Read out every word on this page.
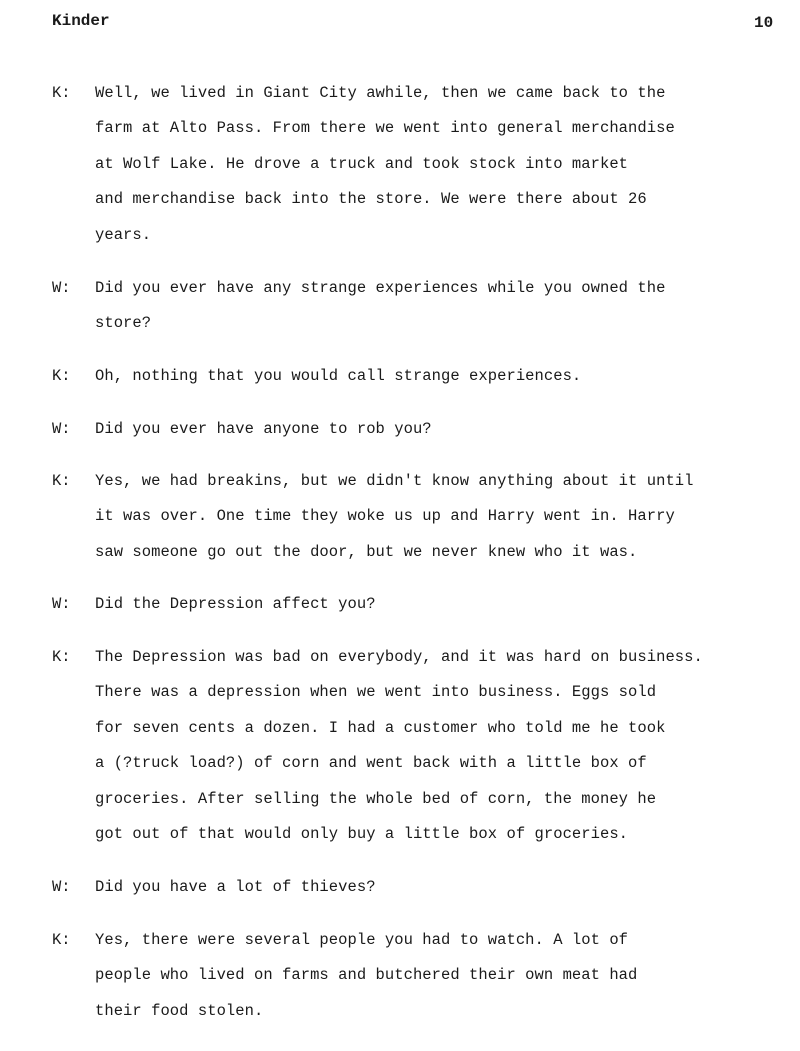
Kinder	10
K: Well, we lived in Giant City awhile, then we came back to the
farm at Alto Pass. From there we went into general merchandise
at Wolf Lake. He drove a truck and took stock into market
and merchandise back into the store. We were there about 26
years.
W: Did you ever have any strange experiences while you owned the
store?
K: Oh, nothing that you would call strange experiences.
W: Did you ever have anyone to rob you?
K: Yes, we had breakins, but we didn't know anything about it until
it was over. One time they woke us up and Harry went in. Harry
saw someone go out the door, but we never knew who it was.
W: Did the Depression affect you?
K: The Depression was bad on everybody, and it was hard on business.
There was a depression when we went into business. Eggs sold
for seven cents a dozen. I had a customer who told me he took
a (?truck load?) of corn and went back with a little box of
groceries. After selling the whole bed of corn, the money he
got out of that would only buy a little box of groceries.
W: Did you have a lot of thieves?
K: Yes, there were several people you had to watch. A lot of
people who lived on farms and butchered their own meat had
their food stolen.
